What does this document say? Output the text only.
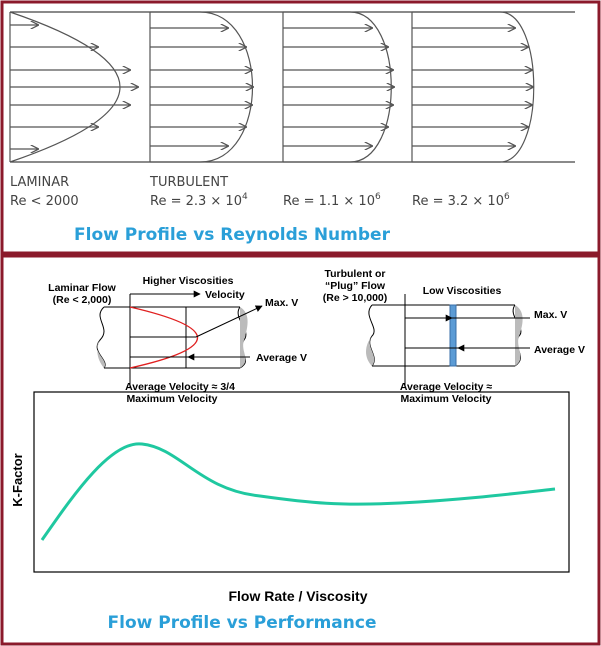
LAMINAR
Re < 2000
TURBULENT
$Re = 2.3 \times 10^4$	$Re = 1.1 \times 10^6$ $Re = 3.2 \times 10^6$
Flow Profile vs Reynolds Number
Laminar Flow
(Re < 2,000)
Higher Viscosities
Velocity
Max. V
Average V
Average Velocity ≈ 3/4
Maximum Velocity
Turbulent or
“Plug” Flow
(Re > 10,000)
Low Viscosities
Max. V
Average V
Average Velocity ≈
Maximum Velocity
K-Factor
Flow Rate / Viscosity
Flow Profile vs Performance
